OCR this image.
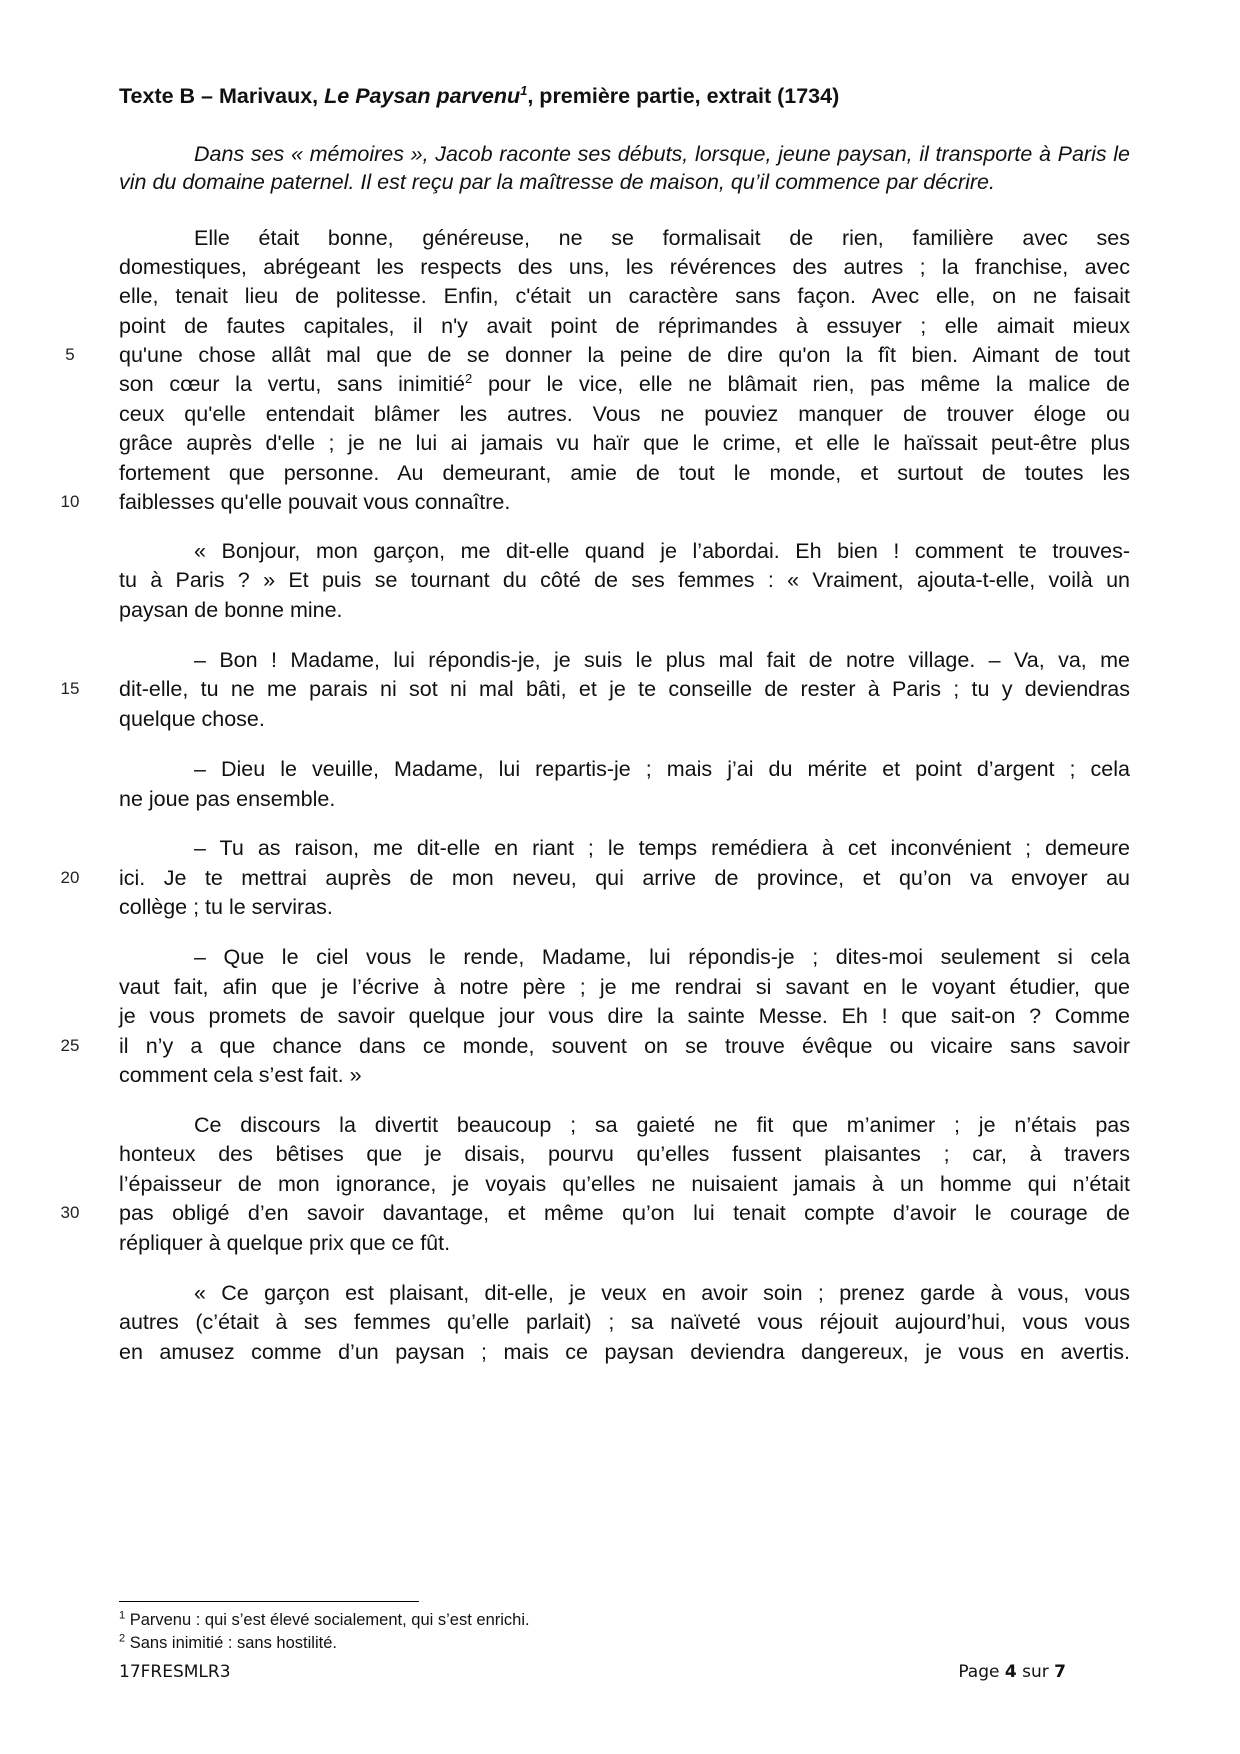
Texte B – Marivaux, Le Paysan parvenu$^1$, première partie, extrait (1734)

Dans ses « mémoires », Jacob raconte ses débuts, lorsque, jeune paysan, il transporte à Paris le vin du domaine paternel. Il est reçu par la maîtresse de maison, qu’il commence par décrire.

Elle était bonne, généreuse, ne se formalisait de rien, familière avec ses
domestiques, abrégeant les respects des uns, les révérences des autres ; la franchise, avec
elle, tenait lieu de politesse. Enfin, c'était un caractère sans façon. Avec elle, on ne faisait
point de fautes capitales, il n'y avait point de réprimandes à essuyer ; elle aimait mieux
qu'une chose allât mal que de se donner la peine de dire qu'on la fît bien. Aimant de tout
5
son cœur la vertu, sans inimitié$^2$ pour le vice, elle ne blâmait rien, pas même la malice de
ceux qu'elle entendait blâmer les autres. Vous ne pouviez manquer de trouver éloge ou
grâce auprès d'elle ; je ne lui ai jamais vu haïr que le crime, et elle le haïssait peut-être plus
fortement que personne. Au demeurant, amie de tout le monde, et surtout de toutes les
faiblesses qu'elle pouvait vous connaître.
10
« Bonjour, mon garçon, me dit-elle quand je l’abordai. Eh bien ! comment te trouves-
tu à Paris ? » Et puis se tournant du côté de ses femmes : « Vraiment, ajouta-t-elle, voilà un
paysan de bonne mine.
– Bon ! Madame, lui répondis-je, je suis le plus mal fait de notre village. – Va, va, me
dit-elle, tu ne me parais ni sot ni mal bâti, et je te conseille de rester à Paris ; tu y deviendras
15
quelque chose.
– Dieu le veuille, Madame, lui repartis-je ; mais j’ai du mérite et point d’argent ; cela
ne joue pas ensemble.
– Tu as raison, me dit-elle en riant ; le temps remédiera à cet inconvénient ; demeure
ici. Je te mettrai auprès de mon neveu, qui arrive de province, et qu’on va envoyer au
20
collège ; tu le serviras.
– Que le ciel vous le rende, Madame, lui répondis-je ; dites-moi seulement si cela
vaut fait, afin que je l’écrive à notre père ; je me rendrai si savant en le voyant étudier, que
je vous promets de savoir quelque jour vous dire la sainte Messe. Eh ! que sait-on ? Comme
il n’y a que chance dans ce monde, souvent on se trouve évêque ou vicaire sans savoir
25
comment cela s’est fait. »
Ce discours la divertit beaucoup ; sa gaieté ne fit que m’animer ; je n’étais pas
honteux des bêtises que je disais, pourvu qu’elles fussent plaisantes ; car, à travers
l’épaisseur de mon ignorance, je voyais qu’elles ne nuisaient jamais à un homme qui n’était
pas obligé d’en savoir davantage, et même qu’on lui tenait compte d’avoir le courage de
30
répliquer à quelque prix que ce fût.
« Ce garçon est plaisant, dit-elle, je veux en avoir soin ; prenez garde à vous, vous
autres (c’était à ses femmes qu’elle parlait) ; sa naïveté vous réjouit aujourd’hui, vous vous
en amusez comme d’un paysan ; mais ce paysan deviendra dangereux, je vous en avertis.
$^1$ Parvenu : qui s’est élevé socialement, qui s’est enrichi.
$^2$ Sans inimitié : sans hostilité.
17FRESMLR3	Page 4 sur 7
